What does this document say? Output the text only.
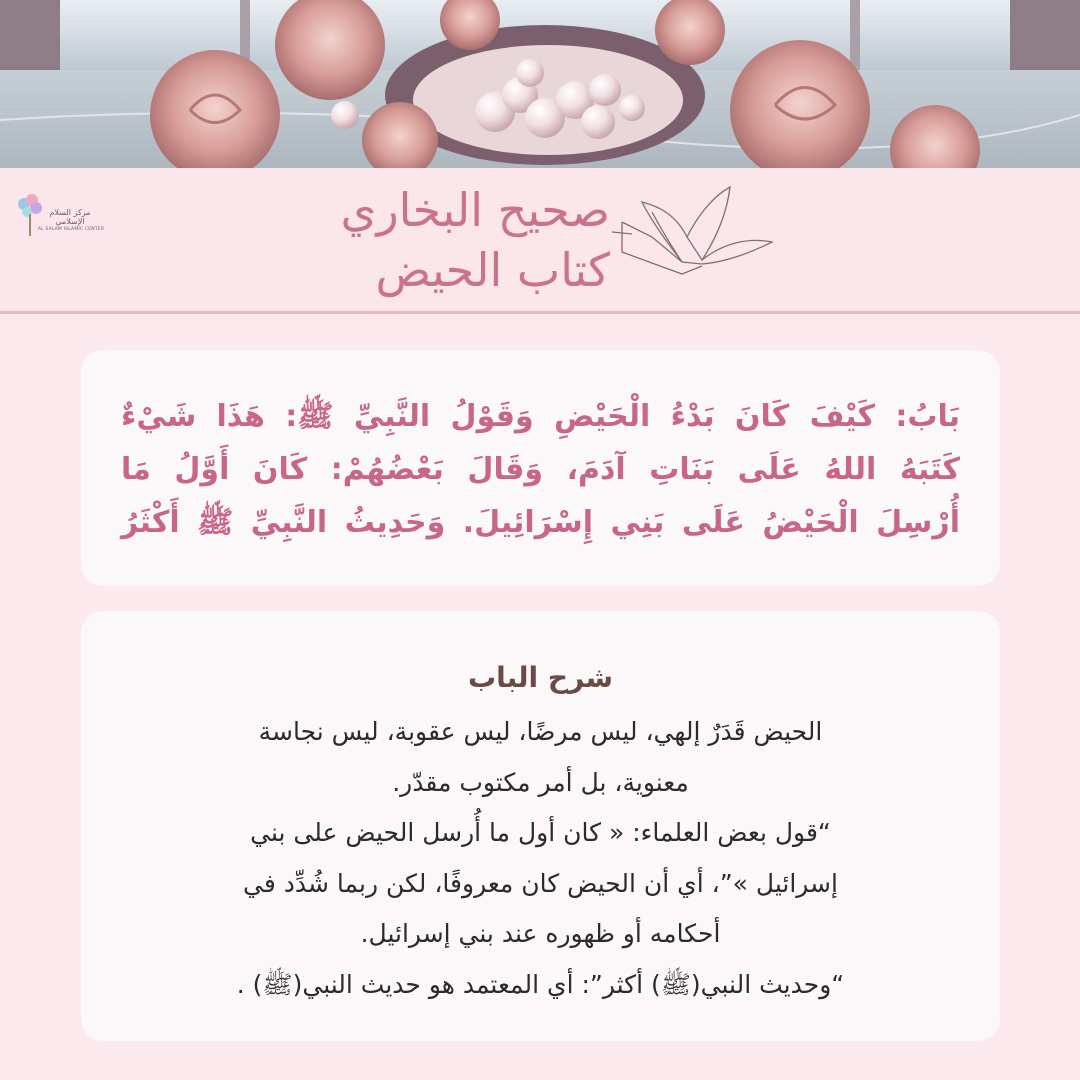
مركز السلام الإسلامي
AL SALAM ISLAMIC CENTER	صحيح البخاري
كتاب الحيض
بَابُ: كَيْفَ كَانَ بَدْءُ الْحَيْضِ وَقَوْلُ النَّبِيِّ ﷺ: هَذَا شَيْءٌ
كَتَبَهُ اللهُ عَلَى بَنَاتِ آدَمَ، وَقَالَ بَعْضُهُمْ: كَانَ أَوَّلُ مَا
أُرْسِلَ الْحَيْضُ عَلَى بَنِي إِسْرَائِيلَ. وَحَدِيثُ النَّبِيِّ ﷺ أَكْثَرُ
شرح الباب
الحيض قَدَرٌ إلهي، ليس مرضًا، ليس عقوبة، ليس نجاسة
معنوية، بل أمر مكتوب مقدّر.
“قول بعض العلماء: « كان أول ما أُرسل الحيض على بني
إسرائيل »”، أي أن الحيض كان معروفًا، لكن ربما شُدِّد في
أحكامه أو ظهوره عند بني إسرائيل.
“وحديث النبي(ﷺ) أكثر”: أي المعتمد هو حديث النبي(ﷺ) .
